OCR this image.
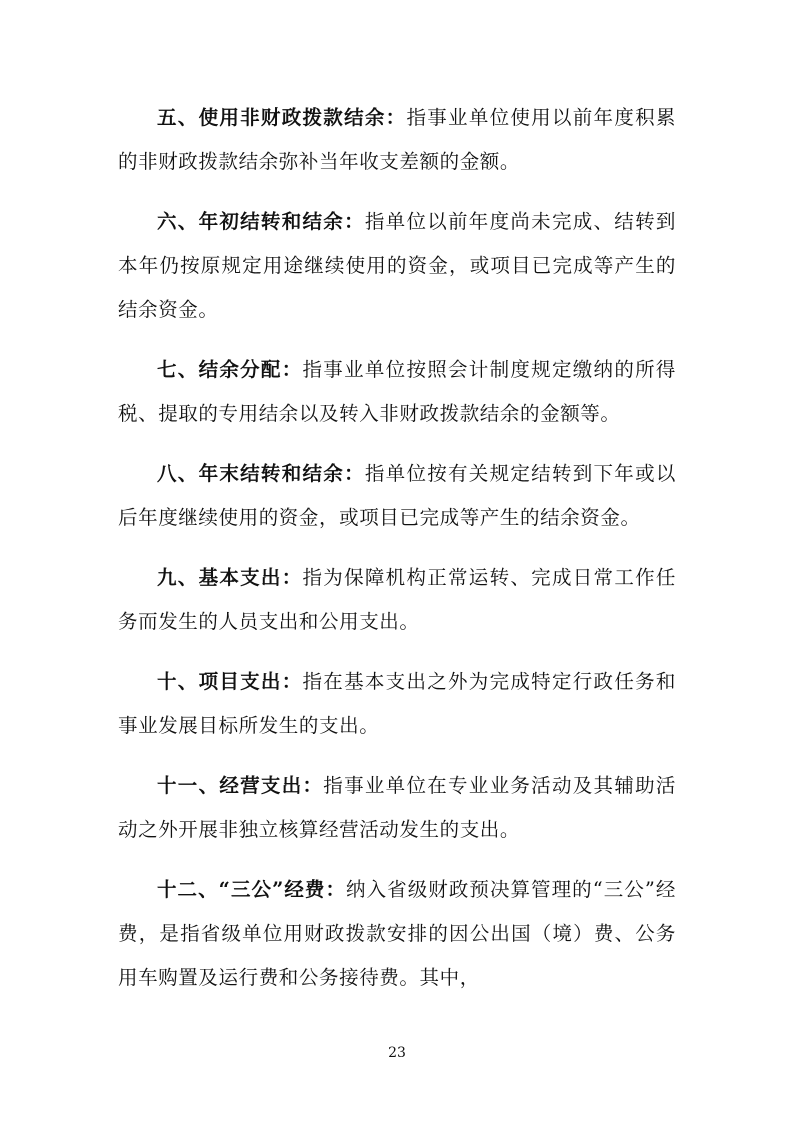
五、使用非财政拨款结余：指事业单位使用以前年度积累的非财政拨款结余弥补当年收支差额的金额。

六、年初结转和结余：指单位以前年度尚未完成、结转到本年仍按原规定用途继续使用的资金，或项目已完成等产生的结余资金。

七、结余分配：指事业单位按照会计制度规定缴纳的所得税、提取的专用结余以及转入非财政拨款结余的金额等。

八、年末结转和结余：指单位按有关规定结转到下年或以后年度继续使用的资金，或项目已完成等产生的结余资金。

九、基本支出：指为保障机构正常运转、完成日常工作任务而发生的人员支出和公用支出。

十、项目支出：指在基本支出之外为完成特定行政任务和事业发展目标所发生的支出。

十一、经营支出：指事业单位在专业业务活动及其辅助活动之外开展非独立核算经营活动发生的支出。

十二、“三公”经费：纳入省级财政预决算管理的“三公”经费，是指省级单位用财政拨款安排的因公出国（境）费、公务用车购置及运行费和公务接待费。其中，

23
